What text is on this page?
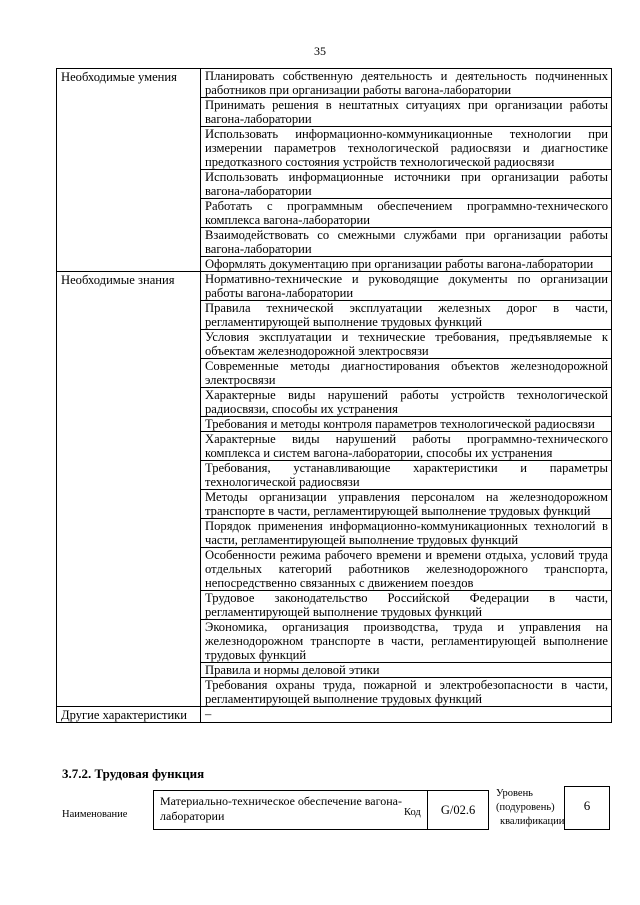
35
Необходимые умения	Планировать собственную деятельность и деятельность подчиненных работников при организации работы вагона-лаборатории
	Принимать решения в нештатных ситуациях при организации работы вагона-лаборатории
	Использовать информационно-коммуникационные технологии при измерении параметров технологической радиосвязи и диагностике предотказного состояния устройств технологической радиосвязи
	Использовать информационные источники при организации работы вагона-лаборатории
	Работать с программным обеспечением программно-технического комплекса вагона-лаборатории
	Взаимодействовать со смежными службами при организации работы вагона-лаборатории
	Оформлять документацию при организации работы вагона-лаборатории
Необходимые знания	Нормативно-технические и руководящие документы по организации работы вагона-лаборатории
	Правила технической эксплуатации железных дорог в части, регламентирующей выполнение трудовых функций
	Условия эксплуатации и технические требования, предъявляемые к объектам железнодорожной электросвязи
	Современные методы диагностирования объектов железнодорожной электросвязи
	Характерные виды нарушений работы устройств технологической радиосвязи, способы их устранения
	Требования и методы контроля параметров технологической радиосвязи
	Характерные виды нарушений работы программно-технического комплекса и систем вагона-лаборатории, способы их устранения
	Требования, устанавливающие характеристики и параметры технологической радиосвязи
	Методы организации управления персоналом на железнодорожном транспорте в части, регламентирующей выполнение трудовых функций
	Порядок применения информационно-коммуникационных технологий в части, регламентирующей выполнение трудовых функций
	Особенности режима рабочего времени и времени отдыха, условий труда отдельных категорий работников железнодорожного транспорта, непосредственно связанных с движением поездов
	Трудовое законодательство Российской Федерации в части, регламентирующей выполнение трудовых функций
	Экономика, организация производства, труда и управления на железнодорожном транспорте в части, регламентирующей выполнение трудовых функций
	Правила и нормы деловой этики
	Требования охраны труда, пожарной и электробезопасности в части, регламентирующей выполнение трудовых функций
Другие характеристики	–
3.7.2. Трудовая функция
Наименование
Материально-техническое обеспечение вагона-лаборатории	Код	G/02.6
Уровень
(подуровень)
квалификации
6
